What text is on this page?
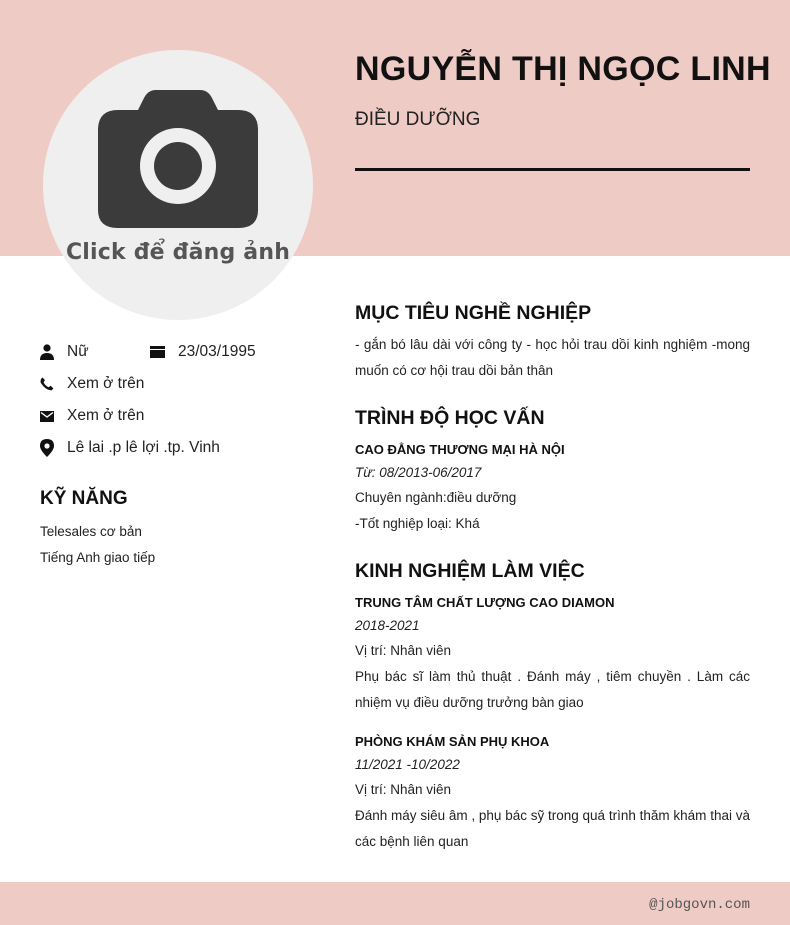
Click để đăng ảnh
NGUYỄN THỊ NGỌC LINH
ĐIỀU DƯỠNG
Nữ	23/03/1995
Xem ở trên
Xem ở trên
Lê lai .p lê lợi .tp. Vinh
KỸ NĂNG
Telesales cơ bản
Tiếng Anh giao tiếp
MỤC TIÊU NGHỀ NGHIỆP
- gắn bó lâu dài với công ty - học hỏi trau dồi kinh nghiệm -mong muốn có cơ hội trau dồi bản thân
TRÌNH ĐỘ HỌC VẤN
CAO ĐẲNG THƯƠNG MẠI HÀ NỘI
Từ: 08/2013-06/2017
Chuyên ngành:điều dưỡng
-Tốt nghiệp loại: Khá
KINH NGHIỆM LÀM VIỆC
TRUNG TÂM CHẤT LƯỢNG CAO DIAMON
2018-2021
Vị trí: Nhân viên
Phụ bác sĩ làm thủ thuật . Đánh máy , tiêm chuyền . Làm các nhiệm vụ điều dưỡng trưởng bàn giao
PHÒNG KHÁM SẢN PHỤ KHOA
11/2021 -10/2022
Vị trí: Nhân viên
Đánh máy siêu âm , phụ bác sỹ trong quá trình thăm khám thai và các bệnh liên quan
@jobgovn.com
